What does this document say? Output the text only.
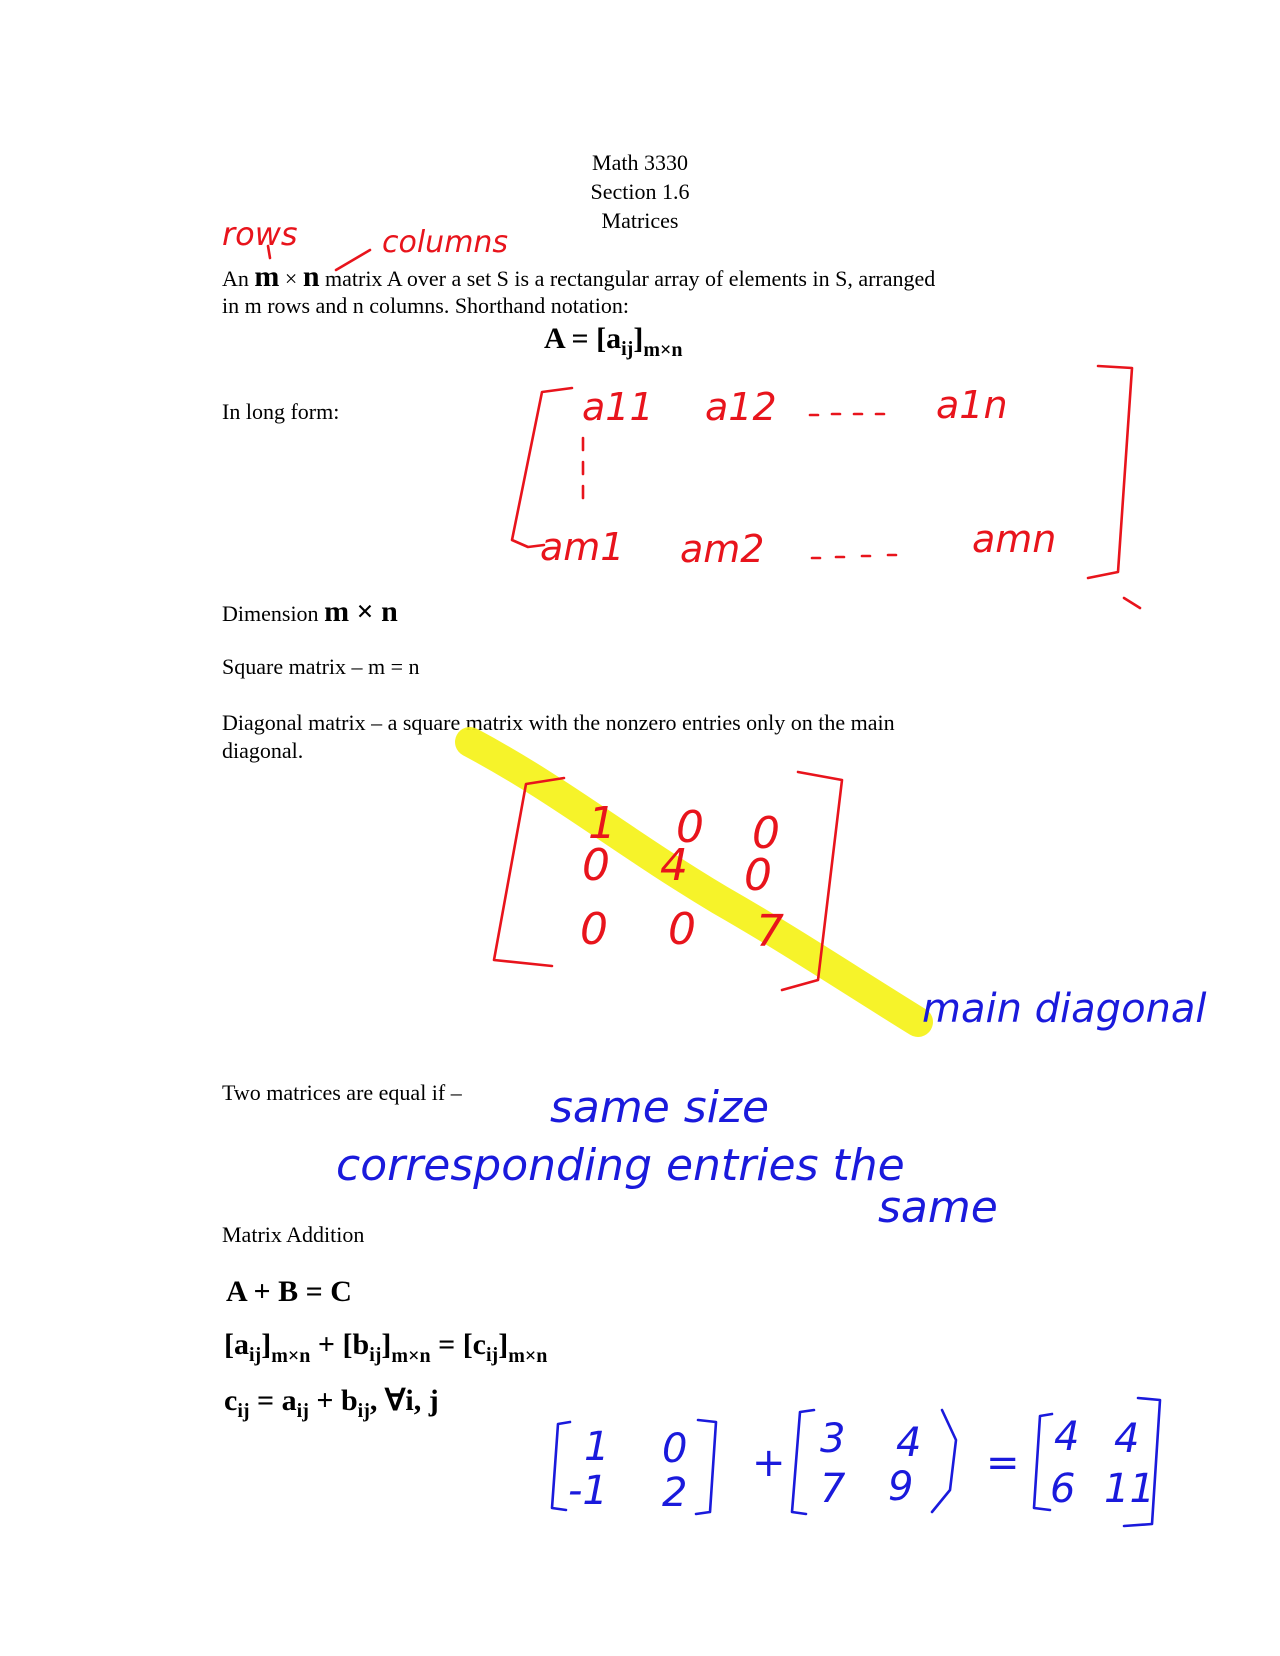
Math 3330
Section 1.6
Matrices
An m × n matrix A over a set S is a rectangular array of elements in S, arranged
in m rows and n columns. Shorthand notation:
$A = [a_{ij}]_{m\times n}$
In long form:
Dimension m × n
Square matrix – m = n
Diagonal matrix – a square matrix with the nonzero entries only on the main
diagonal.
Two matrices are equal if –
Matrix Addition
A + B = C
$[a_{ij}]_{m\times n} + [b_{ij}]_{m\times n} = [c_{ij}]_{m\times n}$
$c_{ij} = a_{ij} + b_{ij}$, ∀i, j
rows	columns
a11 a12	a1n
am1 am2	amn
1 0 0
0 4 0
0 0 7
main diagonal
same size
corresponding entries the
same
1 0
-1 2
+
3 4
7 9
=
4 4
6 11
